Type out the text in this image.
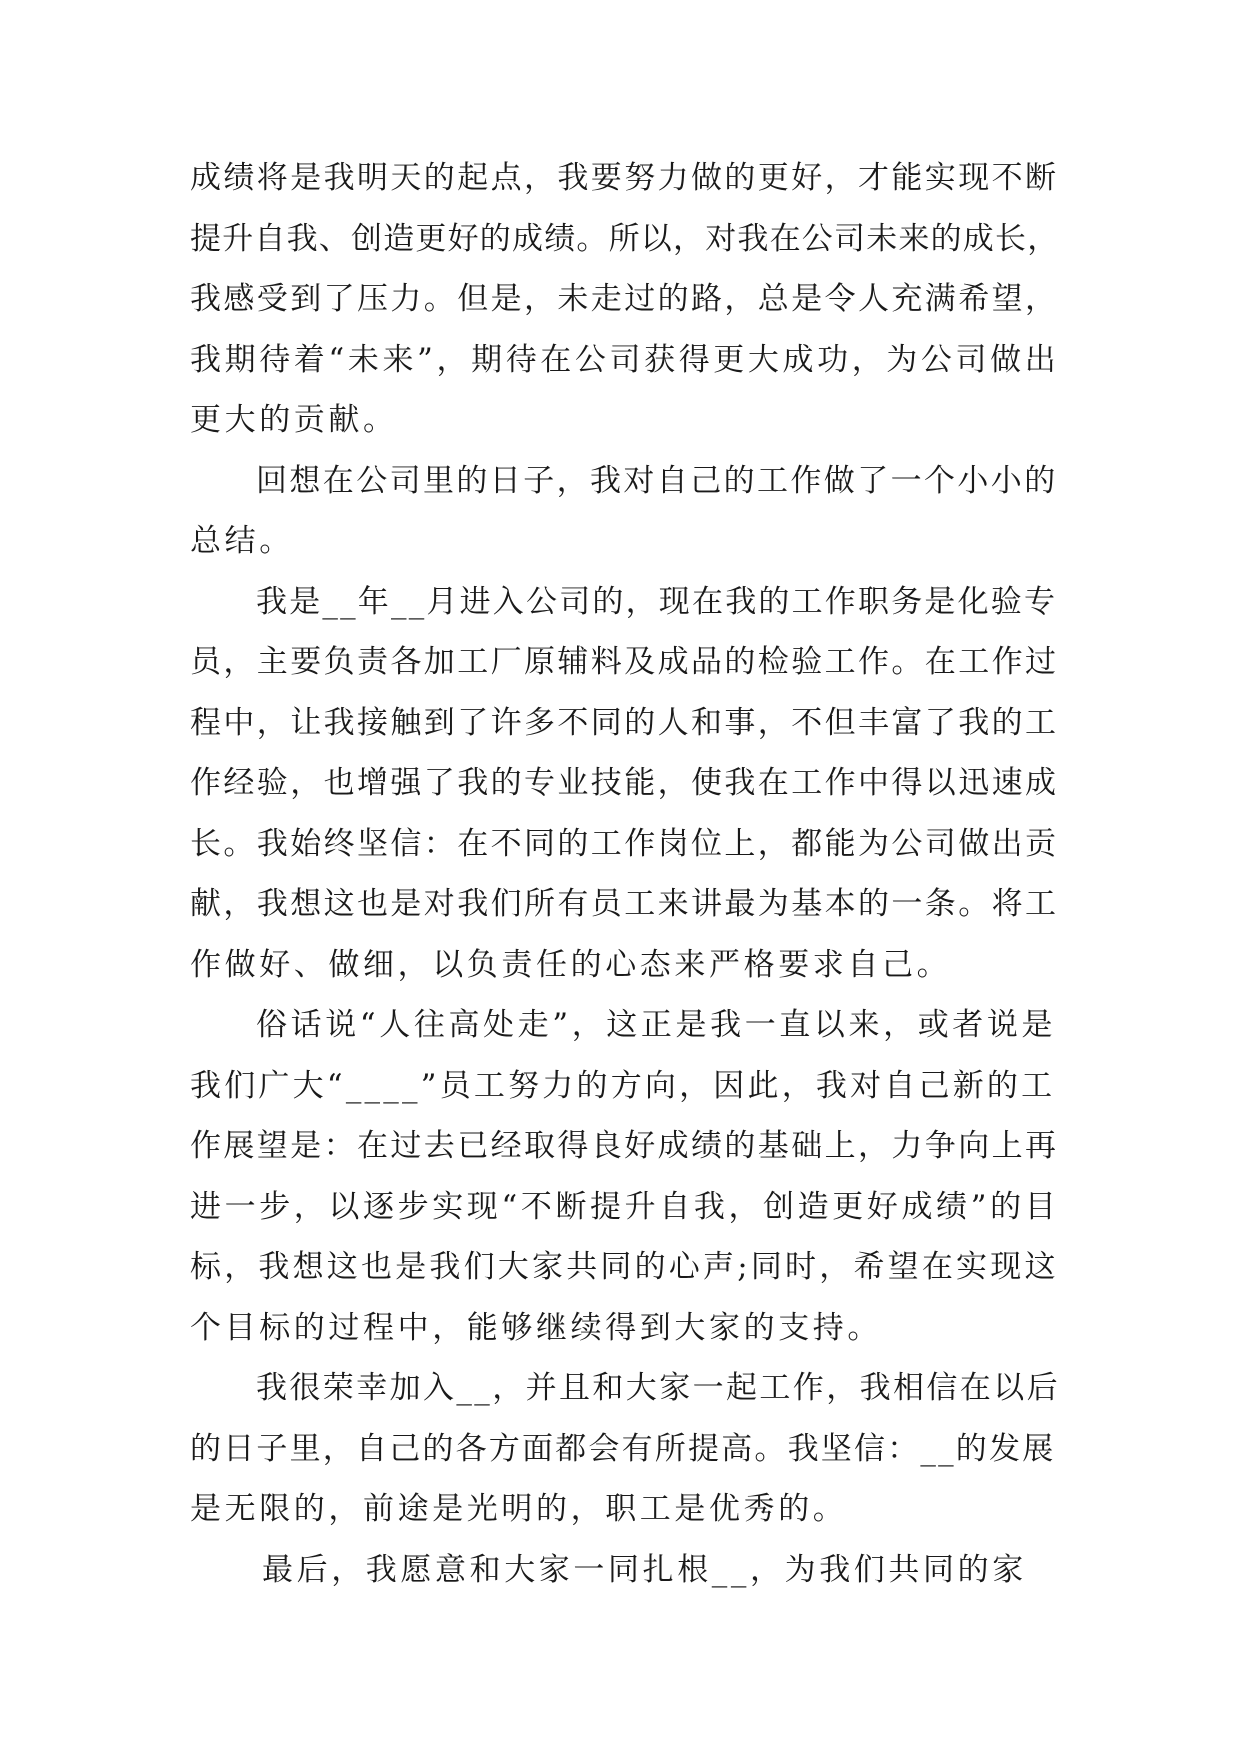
成绩将是我明天的起点，我要努力做的更好，才能实现不断
提升自我、创造更好的成绩。所以，对我在公司未来的成长，
我感受到了压力。但是，未走过的路，总是令人充满希望，
我期待着“未来”，期待在公司获得更大成功，为公司做出
更大的贡献。
回想在公司里的日子，我对自己的工作做了一个小小的
总结。
我是__年__月进入公司的，现在我的工作职务是化验专
员，主要负责各加工厂原辅料及成品的检验工作。在工作过
程中，让我接触到了许多不同的人和事，不但丰富了我的工
作经验，也增强了我的专业技能，使我在工作中得以迅速成
长。我始终坚信：在不同的工作岗位上，都能为公司做出贡
献，我想这也是对我们所有员工来讲最为基本的一条。将工
作做好、做细，以负责任的心态来严格要求自己。
俗话说“人往高处走”，这正是我一直以来，或者说是
我们广大“____”员工努力的方向，因此，我对自己新的工
作展望是：在过去已经取得良好成绩的基础上，力争向上再
进一步，以逐步实现“不断提升自我，创造更好成绩”的目
标，我想这也是我们大家共同的心声;同时，希望在实现这
个目标的过程中，能够继续得到大家的支持。
我很荣幸加入__，并且和大家一起工作，我相信在以后
的日子里，自己的各方面都会有所提高。我坚信：__的发展
是无限的，前途是光明的，职工是优秀的。
最后，我愿意和大家一同扎根__，为我们共同的家
